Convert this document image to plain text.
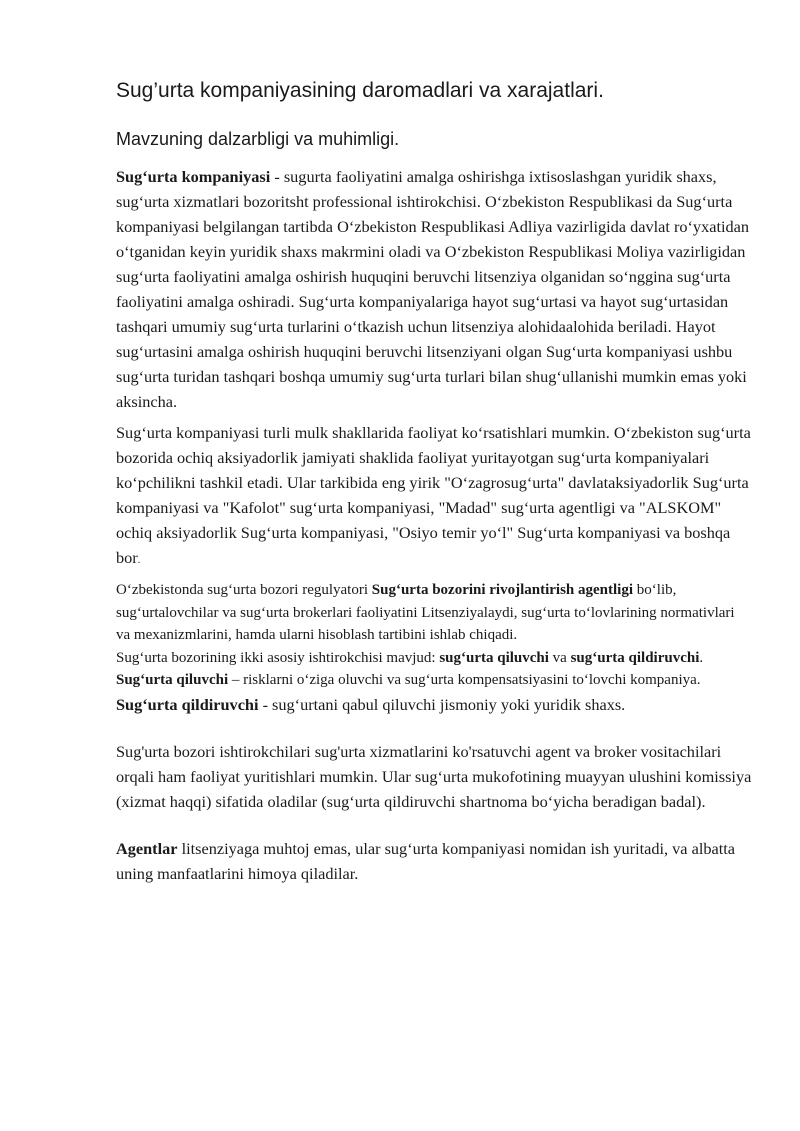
Sug’urta kompaniyasining daromadlari va xarajatlari.
Mavzuning dalzarbligi va muhimligi.

Sug‘urta kompaniyasi - sugurta faoliyatini amalga oshirishga ixtisoslashgan yuridik shaxs, sug‘urta xizmatlari bozoritsht professional ishtirokchisi. O‘zbekiston Respublikasi da Sug‘urta kompaniyasi belgilangan tartibda O‘zbekiston Respublikasi Adliya vazirligida davlat ro‘yxatidan o‘tganidan keyin yuridik shaxs makrmini oladi va O‘zbekiston Respublikasi Moliya vazirligidan sug‘urta faoliyatini amalga oshirish huquqini beruvchi litsenziya olganidan so‘nggina sug‘urta faoliyatini amalga oshiradi. Sug‘urta kompaniyalariga hayot sug‘urtasi va hayot sug‘urtasidan tashqari umumiy sug‘urta turlarini o‘tkazish uchun litsenziya alohidaalohida beriladi. Hayot sug‘urtasini amalga oshirish huquqini beruvchi litsenziyani olgan Sug‘urta kompaniyasi ushbu sug‘urta turidan tashqari boshqa umumiy sug‘urta turlari bilan shug‘ullanishi mumkin emas yoki aksincha.

Sug‘urta kompaniyasi turli mulk shakllarida faoliyat ko‘rsatishlari mumkin. O‘zbekiston sug‘urta bozorida ochiq aksiyadorlik jamiyati shaklida faoliyat yuritayotgan sug‘urta kompaniyalari ko‘pchilikni tashkil etadi. Ular tarkibida eng yirik "O‘zagrosug‘urta" davlataksiyadorlik Sug‘urta kompaniyasi va "Kafolot" sug‘urta kompaniyasi, "Madad" sug‘urta agentligi va "ALSKOM" ochiq aksiyadorlik Sug‘urta kompaniyasi, "Osiyo temir yo‘l" Sug‘urta kompaniyasi va boshqa bor.

O‘zbekistonda sug‘urta bozori regulyatori Sug‘urta bozorini rivojlantirish agentligi bo‘lib, sug‘urtalovchilar va sug‘urta brokerlari faoliyatini Litsenziyalaydi, sug‘urta to‘lovlarining normativlari va mexanizmlarini, hamda ularni hisoblash tartibini ishlab chiqadi.

Sug‘urta bozorining ikki asosiy ishtirokchisi mavjud: sug‘urta qiluvchi va sug‘urta qildiruvchi.

Sug‘urta qiluvchi – risklarni o‘ziga oluvchi va sug‘urta kompensatsiyasini to‘lovchi kompaniya.

Sug‘urta qildiruvchi - sug‘urtani qabul qiluvchi jismoniy yoki yuridik shaxs.

Sug'urta bozori ishtirokchilari sug'urta xizmatlarini ko'rsatuvchi agent va broker vositachilari orqali ham faoliyat yuritishlari mumkin. Ular sug‘urta mukofotining muayyan ulushini komissiya (xizmat haqqi) sifatida oladilar (sug‘urta qildiruvchi shartnoma bo‘yicha beradigan badal).

Agentlar litsenziyaga muhtoj emas, ular sug‘urta kompaniyasi nomidan ish yuritadi, va albatta uning manfaatlarini himoya qiladilar.
